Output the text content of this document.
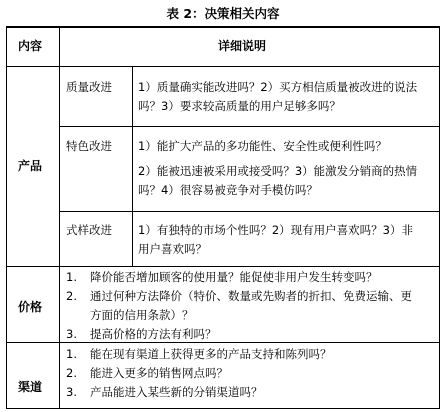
表 2：决策相关内容
内容	详细说明
产品
质量改进 1）质量确实能改进吗？2）买方相信质量被改进的说法
吗？3）要求较高质量的用户足够多吗？
特色改进 1）能扩大产品的多功能性、安全性或便利性吗？
2）能被迅速被采用或接受吗？3）能激发分销商的热情
吗？4）很容易被竞争对手模仿吗？
式样改进 1）有独特的市场个性吗？2）现有用户喜欢吗？3）非
用户喜欢吗？
价格
1. 降价能否增加顾客的使用量？能促使非用户发生转变吗？
2. 通过何种方法降价（特价、数量或先购者的折扣、免费运输、更
方面的信用条款）？
3. 提高价格的方法有利吗？
渠道
1. 能在现有渠道上获得更多的产品支持和陈列吗？
2. 能进入更多的销售网点吗？
3. 产品能进入某些新的分销渠道吗？
